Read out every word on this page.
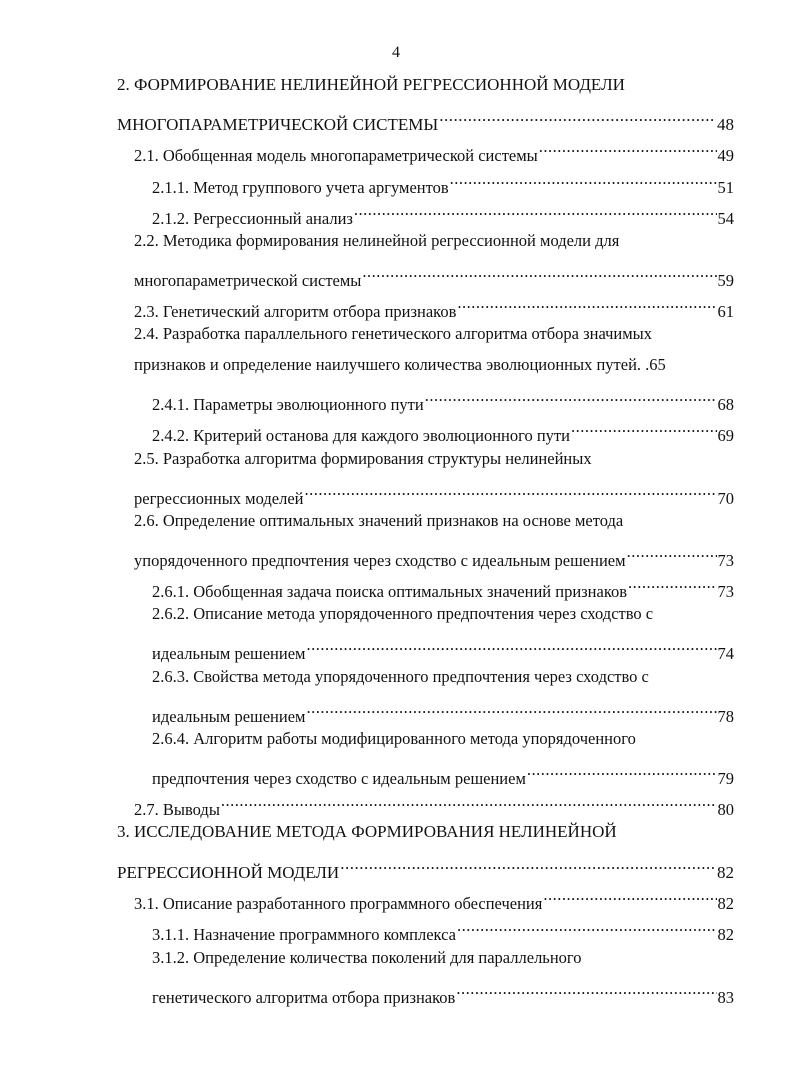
4
2. ФОРМИРОВАНИЕ НЕЛИНЕЙНОЙ РЕГРЕССИОННОЙ МОДЕЛИ
МНОГОПАРАМЕТРИЧЕСКОЙ СИСТЕМЫ .....	48
2.1. Обобщенная модель многопараметрической системы .....	49
2.1.1. Метод группового учета аргументов .....	51
2.1.2. Регрессионный анализ .....	54
2.2. Методика формирования нелинейной регрессионной модели для
многопараметрической системы .....	59
2.3. Генетический алгоритм отбора признаков .....	61
2.4. Разработка параллельного генетического алгоритма отбора значимых
признаков и определение наилучшего количества эволюционных путей. . 65
2.4.1. Параметры эволюционного пути .....	68
2.4.2. Критерий останова для каждого эволюционного пути .....	69
2.5. Разработка алгоритма формирования структуры нелинейных
регрессионных моделей .....	70
2.6. Определение оптимальных значений признаков на основе метода
упорядоченного предпочтения через сходство с идеальным решением .....	73
2.6.1. Обобщенная задача поиска оптимальных значений признаков .....	73
2.6.2. Описание метода упорядоченного предпочтения через сходство с
идеальным решением .....	74
2.6.3. Свойства метода упорядоченного предпочтения через сходство с
идеальным решением .....	78
2.6.4. Алгоритм работы модифицированного метода упорядоченного
предпочтения через сходство с идеальным решением .....	79
2.7. Выводы .....	80
3. ИССЛЕДОВАНИЕ МЕТОДА ФОРМИРОВАНИЯ НЕЛИНЕЙНОЙ
РЕГРЕССИОННОЙ МОДЕЛИ .....	82
3.1. Описание разработанного программного обеспечения .....	82
3.1.1. Назначение программного комплекса .....	82
3.1.2. Определение количества поколений для параллельного
генетического алгоритма отбора признаков .....	83
